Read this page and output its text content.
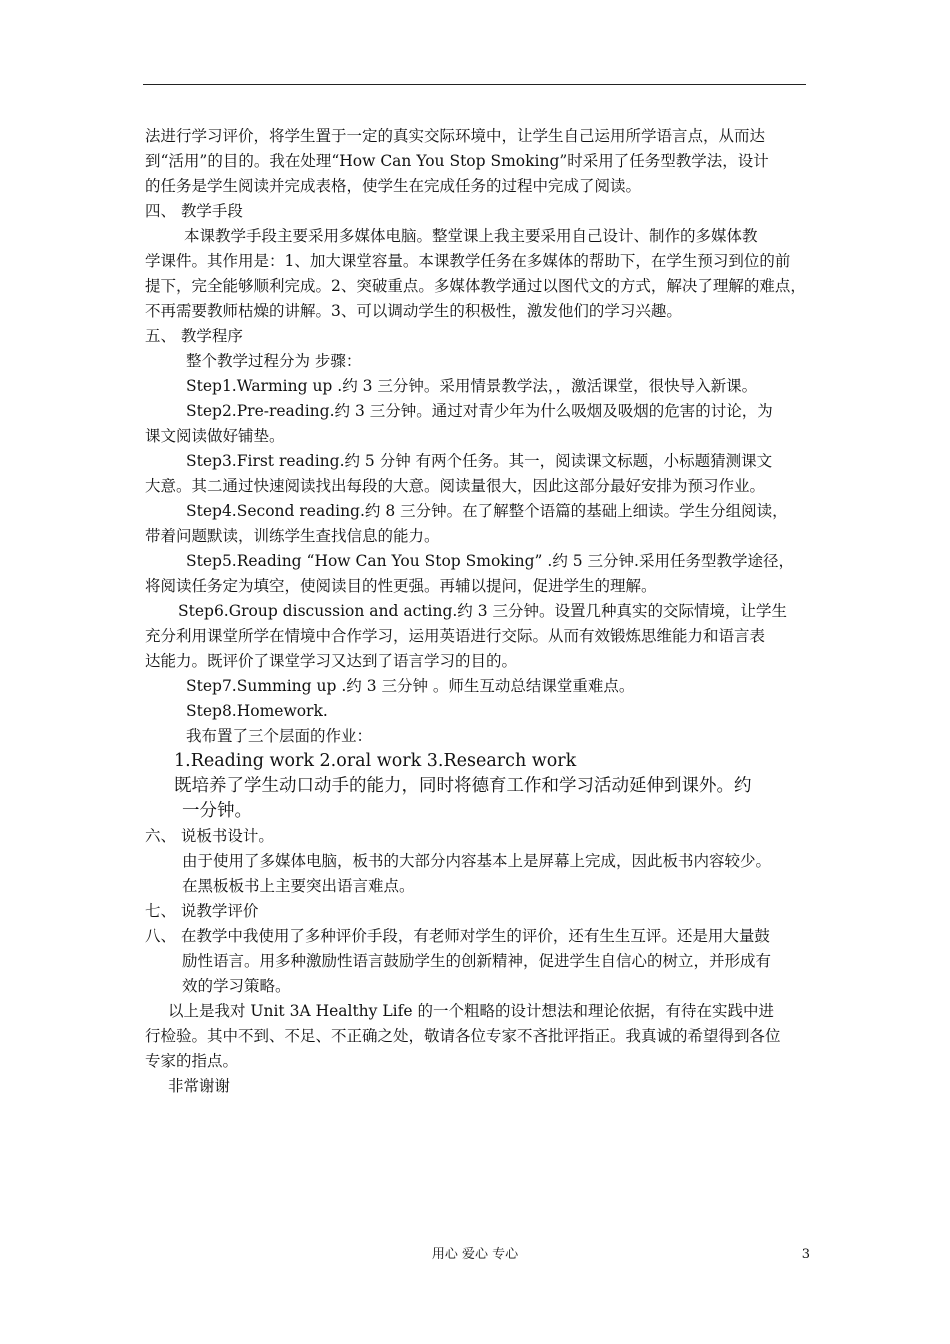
法进行学习评价，将学生置于一定的真实交际环境中，让学生自己运用所学语言点，从而达
到“活用”的目的。我在处理“How Can You Stop Smoking”时采用了任务型教学法，设计
的任务是学生阅读并完成表格，使学生在完成任务的过程中完成了阅读。
四、 教学手段
本课教学手段主要采用多媒体电脑。整堂课上我主要采用自己设计、制作的多媒体教
学课件。其作用是：1、加大课堂容量。本课教学任务在多媒体的帮助下，在学生预习到位的前
提下，完全能够顺利完成。2、突破重点。多媒体教学通过以图代文的方式，解决了理解的难点，
不再需要教师枯燥的讲解。3、可以调动学生的积极性，激发他们的学习兴趣。
五、 教学程序
整个教学过程分为 步骤：
Step1.Warming up .约 3 三分钟。采用情景教学法，，激活课堂，很快导入新课。
Step2.Pre-reading.约 3 三分钟。通过对青少年为什么吸烟及吸烟的危害的讨论，为
课文阅读做好铺垫。
Step3.First reading.约 5 分钟 有两个任务。其一，阅读课文标题，小标题猜测课文
大意。其二通过快速阅读找出每段的大意。阅读量很大，因此这部分最好安排为预习作业。
Step4.Second reading.约 8 三分钟。在了解整个语篇的基础上细读。学生分组阅读，
带着问题默读，训练学生查找信息的能力。
Step5.Reading “How Can You Stop Smoking” .约 5 三分钟.采用任务型教学途径，
将阅读任务定为填空，使阅读目的性更强。再辅以提问，促进学生的理解。
Step6.Group discussion and acting.约 3 三分钟。设置几种真实的交际情境，让学生
充分利用课堂所学在情境中合作学习，运用英语进行交际。从而有效锻炼思维能力和语言表
达能力。既评价了课堂学习又达到了语言学习的目的。
Step7.Summing up .约 3 三分钟 。师生互动总结课堂重难点。
Step8.Homework.
我布置了三个层面的作业：
1.Reading work 2.oral work 3.Research work
既培养了学生动口动手的能力，同时将德育工作和学习活动延伸到课外。约
一分钟。
六、 说板书设计。
由于使用了多媒体电脑，板书的大部分内容基本上是屏幕上完成，因此板书内容较少。
在黑板板书上主要突出语言难点。
七、 说教学评价
八、 在教学中我使用了多种评价手段，有老师对学生的评价，还有生生互评。还是用大量鼓
励性语言。用多种激励性语言鼓励学生的创新精神，促进学生自信心的树立，并形成有
效的学习策略。
以上是我对 Unit 3A Healthy Life 的一个粗略的设计想法和理论依据，有待在实践中进
行检验。其中不到、不足、不正确之处，敬请各位专家不吝批评指正。我真诚的希望得到各位
专家的指点。
非常谢谢
用心 爱心 专心	3
